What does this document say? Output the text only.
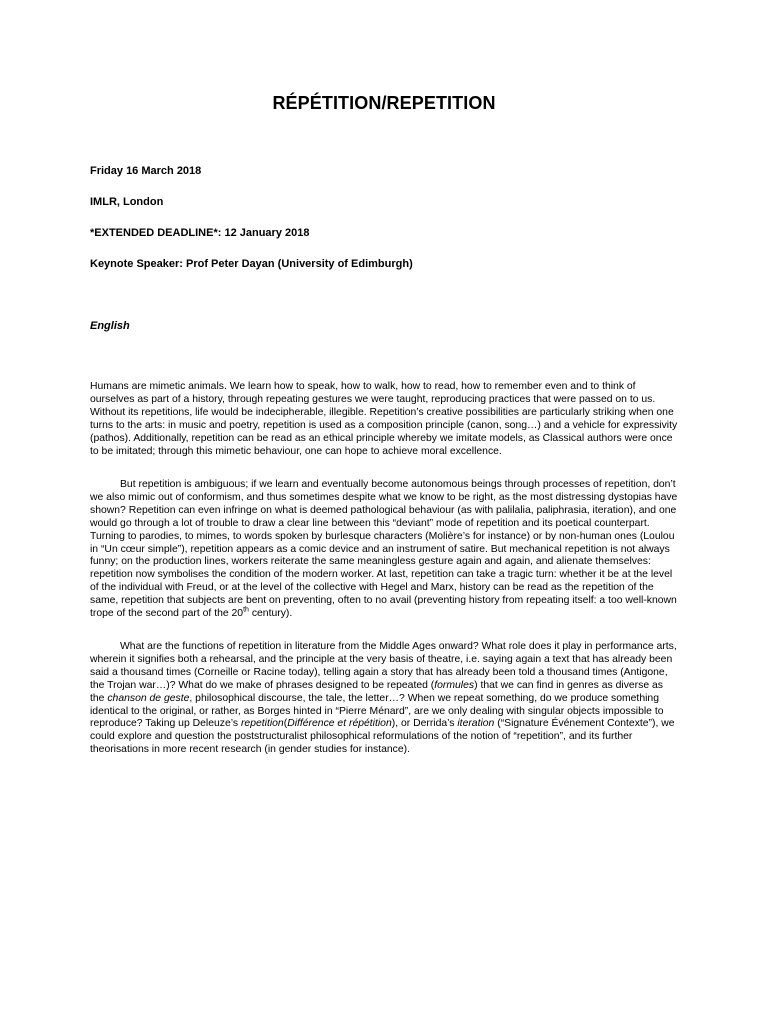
RÉPÉTITION/REPETITION
Friday 16 March 2018
IMLR, London
*EXTENDED DEADLINE*: 12 January 2018
Keynote Speaker: Prof Peter Dayan (University of Edimburgh)
English

Humans are mimetic animals. We learn how to speak, how to walk, how to read, how to remember even and to think of ourselves as part of a history, through repeating gestures we were taught, reproducing practices that were passed on to us. Without its repetitions, life would be indecipherable, illegible. Repetition’s creative possibilities are particularly striking when one turns to the arts: in music and poetry, repetition is used as a composition principle (canon, song…) and a vehicle for expressivity (pathos). Additionally, repetition can be read as an ethical principle whereby we imitate models, as Classical authors were once to be imitated; through this mimetic behaviour, one can hope to achieve moral excellence.

But repetition is ambiguous; if we learn and eventually become autonomous beings through processes of repetition, don’t we also mimic out of conformism, and thus sometimes despite what we know to be right, as the most distressing dystopias have shown? Repetition can even infringe on what is deemed pathological behaviour (as with palilalia, paliphrasia, iteration), and one would go through a lot of trouble to draw a clear line between this “deviant” mode of repetition and its poetical counterpart. Turning to parodies, to mimes, to words spoken by burlesque characters (Molière’s for instance) or by non-human ones (Loulou in “Un cœur simple”), repetition appears as a comic device and an instrument of satire. But mechanical repetition is not always funny; on the production lines, workers reiterate the same meaningless gesture again and again, and alienate themselves: repetition now symbolises the condition of the modern worker. At last, repetition can take a tragic turn: whether it be at the level of the individual with Freud, or at the level of the collective with Hegel and Marx, history can be read as the repetition of the same, repetition that subjects are bent on preventing, often to no avail (preventing history from repeating itself: a too well-known trope of the second part of the 20th century).

What are the functions of repetition in literature from the Middle Ages onward? What role does it play in performance arts, wherein it signifies both a rehearsal, and the principle at the very basis of theatre, i.e. saying again a text that has already been said a thousand times (Corneille or Racine today), telling again a story that has already been told a thousand times (Antigone, the Trojan war…)? What do we make of phrases designed to be repeated (formules) that we can find in genres as diverse as the chanson de geste, philosophical discourse, the tale, the letter…? When we repeat something, do we produce something identical to the original, or rather, as Borges hinted in “Pierre Ménard”, are we only dealing with singular objects impossible to reproduce? Taking up Deleuze’s repetition(Différence et répétition), or Derrida’s iteration (“Signature Événement Contexte”), we could explore and question the poststructuralist philosophical reformulations of the notion of “repetition”, and its further theorisations in more recent research (in gender studies for instance).
